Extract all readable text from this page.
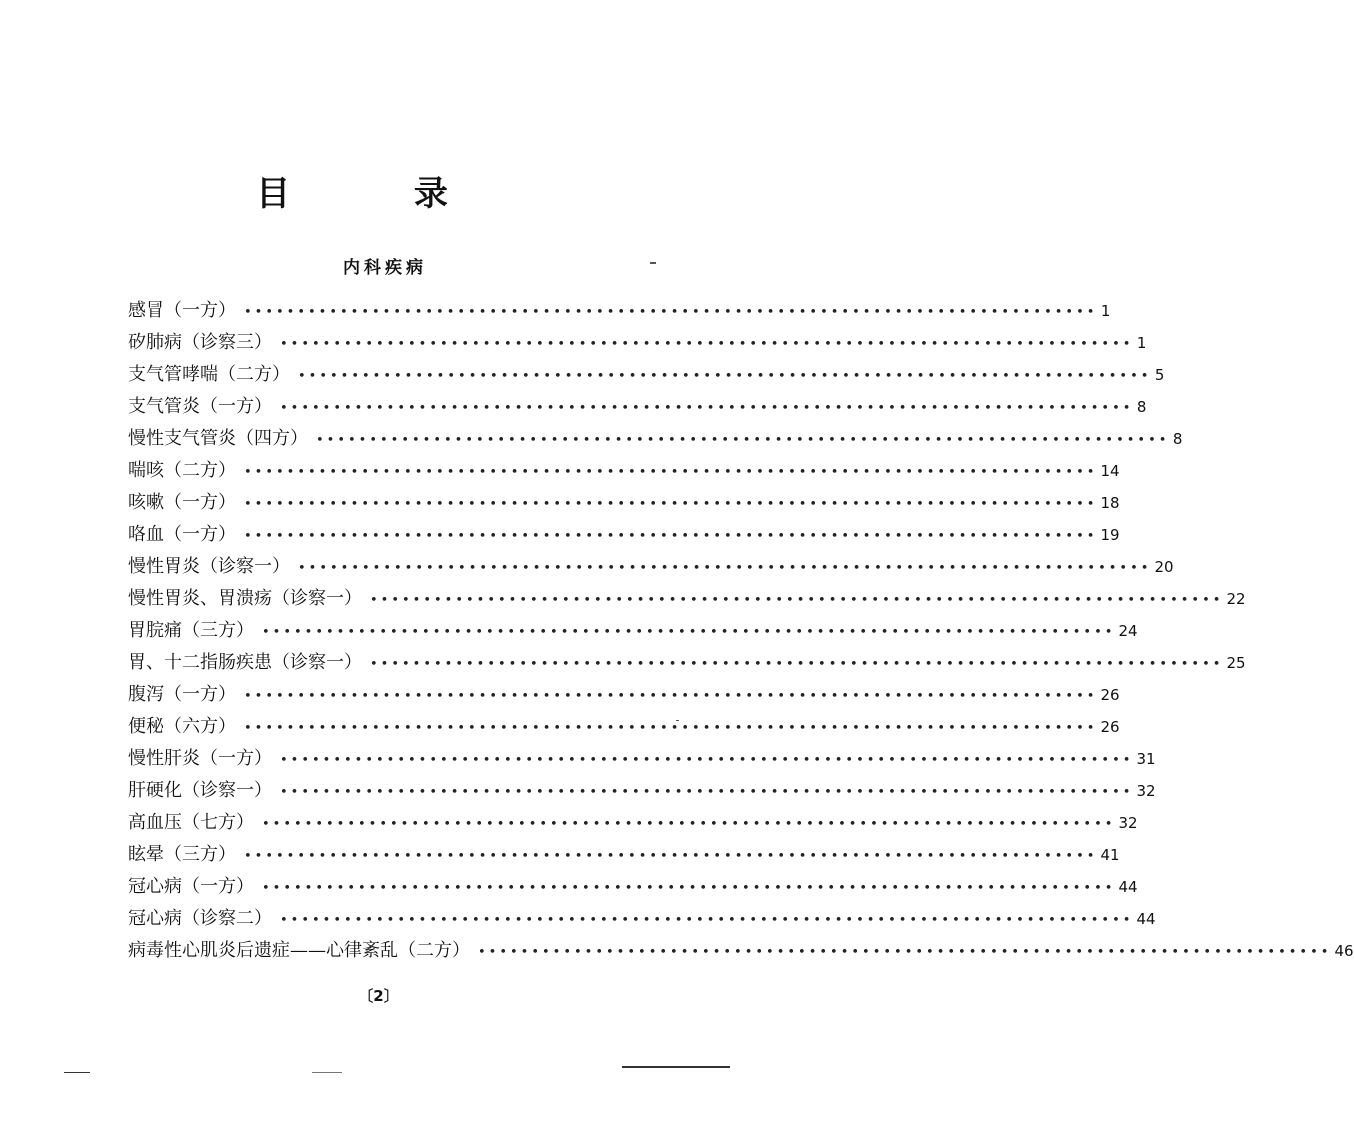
目 录
内科疾病
感冒（一方） •••••••••••••••••••••••••••••••••••••••••••••••••••••••••••••••••••••••••••••••• 1
矽肺病（诊察三） •••••••••••••••••••••••••••••••••••••••••••••••••••••••••••••••••••••••••••••••• 1
支气管哮喘（二方） •••••••••••••••••••••••••••••••••••••••••••••••••••••••••••••••••••••••••••••••• 5
支气管炎（一方） •••••••••••••••••••••••••••••••••••••••••••••••••••••••••••••••••••••••••••••••• 8
慢性支气管炎（四方） •••••••••••••••••••••••••••••••••••••••••••••••••••••••••••••••••••••••••••••••• 8
喘咳（二方） •••••••••••••••••••••••••••••••••••••••••••••••••••••••••••••••••••••••••••••••• 14
咳嗽（一方） •••••••••••••••••••••••••••••••••••••••••••••••••••••••••••••••••••••••••••••••• 18
咯血（一方） •••••••••••••••••••••••••••••••••••••••••••••••••••••••••••••••••••••••••••••••• 19
慢性胃炎（诊察一） •••••••••••••••••••••••••••••••••••••••••••••••••••••••••••••••••••••••••••••••• 20
慢性胃炎、胃溃疡（诊察一） •••••••••••••••••••••••••••••••••••••••••••••••••••••••••••••••••••••••••••••••• 22
胃脘痛（三方） •••••••••••••••••••••••••••••••••••••••••••••••••••••••••••••••••••••••••••••••• 24
胃、十二指肠疾患（诊察一） •••••••••••••••••••••••••••••••••••••••••••••••••••••••••••••••••••••••••••••••• 25
腹泻（一方） •••••••••••••••••••••••••••••••••••••••••••••••••••••••••••••••••••••••••••••••• 26
便秘（六方） •••••••••••••••••••••••••••••••••••••••••••••••••••••••••••••••••••••••••••••••• 26
慢性肝炎（一方） •••••••••••••••••••••••••••••••••••••••••••••••••••••••••••••••••••••••••••••••• 31
肝硬化（诊察一） •••••••••••••••••••••••••••••••••••••••••••••••••••••••••••••••••••••••••••••••• 32
高血压（七方） •••••••••••••••••••••••••••••••••••••••••••••••••••••••••••••••••••••••••••••••• 32
眩晕（三方） •••••••••••••••••••••••••••••••••••••••••••••••••••••••••••••••••••••••••••••••• 41
冠心病（一方） •••••••••••••••••••••••••••••••••••••••••••••••••••••••••••••••••••••••••••••••• 44
冠心病（诊察二） •••••••••••••••••••••••••••••••••••••••••••••••••••••••••••••••••••••••••••••••• 44
病毒性心肌炎后遗症——心律紊乱（二方） •••••••••••••••••••••••••••••••••••••••••••••••••••••••••••••••••••••••••••••••• 46
〔2〕
